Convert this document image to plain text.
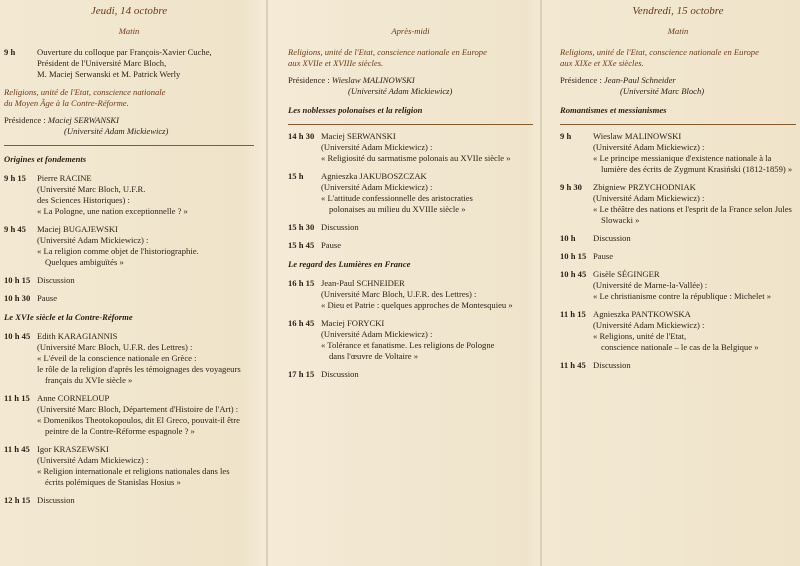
Jeudi, 14 octobre
Matin
9 h	Ouverture du colloque par François-Xavier Cuche,
Président de l'Université Marc Bloch,
M. Maciej Serwanski et M. Patrick Werly
Religions, unité de l'Etat, conscience nationale
du Moyen Âge à la Contre-Réforme.
Présidence : Maciej SERWANSKI
(Université Adam Mickiewicz)
Origines et fondements
9 h 15	Pierre RACINE
(Université Marc Bloch, U.F.R.
des Sciences Historiques) :
« La Pologne, une nation exceptionnelle ? »
9 h 45	Maciej BUGAJEWSKI
(Université Adam Mickiewicz) :
« La religion comme objet de l'historiographie.
Quelques ambiguïtés »
10 h 15 Discussion
10 h 30 Pause
Le XVIe siècle et la Contre-Réforme
10 h 45 Edith KARAGIANNIS
(Université Marc Bloch, U.F.R. des Lettres) :
« L'éveil de la conscience nationale en Grèce :
le rôle de la religion d'après les témoignages des voyageurs
français du XVIe siècle »
11 h 15 Anne CORNELOUP
(Université Marc Bloch, Département d'Histoire de l'Art) :
« Domenikos Theotokopoulos, dit El Greco, pouvait-il être
peintre de la Contre-Réforme espagnole ? »
11 h 45 Igor KRASZEWSKI
(Université Adam Mickiewicz) :
« Religion internationale et religions nationales dans les
écrits polémiques de Stanislas Hosius »
12 h 15 Discussion
Après-midi
Religions, unité de l'Etat, conscience nationale en Europe
aux XVIIe et XVIIIe siècles.
Présidence : Wieslaw MALINOWSKI
(Université Adam Mickiewicz)
Les noblesses polonaises et la religion
14 h 30 Maciej SERWANSKI
(Université Adam Mickiewicz) :
« Religiosité du sarmatisme polonais au XVIIe siècle »
15 h	Agnieszka JAKUBOSZCZAK
(Université Adam Mickiewicz) :
« L'attitude confessionnelle des aristocraties
polonaises au milieu du XVIIIe siècle »
15 h 30 Discussion
15 h 45 Pause
Le regard des Lumières en France
16 h 15 Jean-Paul SCHNEIDER
(Université Marc Bloch, U.F.R. des Lettres) :
« Dieu et Patrie : quelques approches de Montesquieu »
16 h 45 Maciej FORYCKI
(Université Adam Mickiewicz) :
« Tolérance et fanatisme. Les religions de Pologne
dans l'œuvre de Voltaire »
17 h 15 Discussion
Vendredi, 15 octobre
Matin
Religions, unité de l'Etat, conscience nationale en Europe
aux XIXe et XXe siècles.
Présidence : Jean-Paul Schneider
(Université Marc Bloch)
Romantismes et messianismes
9 h	Wieslaw MALINOWSKI
(Université Adam Mickiewicz) :
« Le principe messianique d'existence nationale à la
lumière des écrits de Zygmunt Krasiński (1812-1859) »
9 h 30	Zbigniew PRZYCHODNIAK
(Université Adam Mickiewicz) :
« Le théâtre des nations et l'esprit de la France selon Jules
Slowacki »
10 h	Discussion
10 h 15 Pause
10 h 45 Gisèle SÉGINGER
(Université de Marne-la-Vallée) :
« Le christianisme contre la république : Michelet »
11 h 15 Agnieszka PANTKOWSKA
(Université Adam Mickiewicz) :
« Religions, unité de l'Etat,
conscience nationale – le cas de la Belgique »
11 h 45 Discussion
